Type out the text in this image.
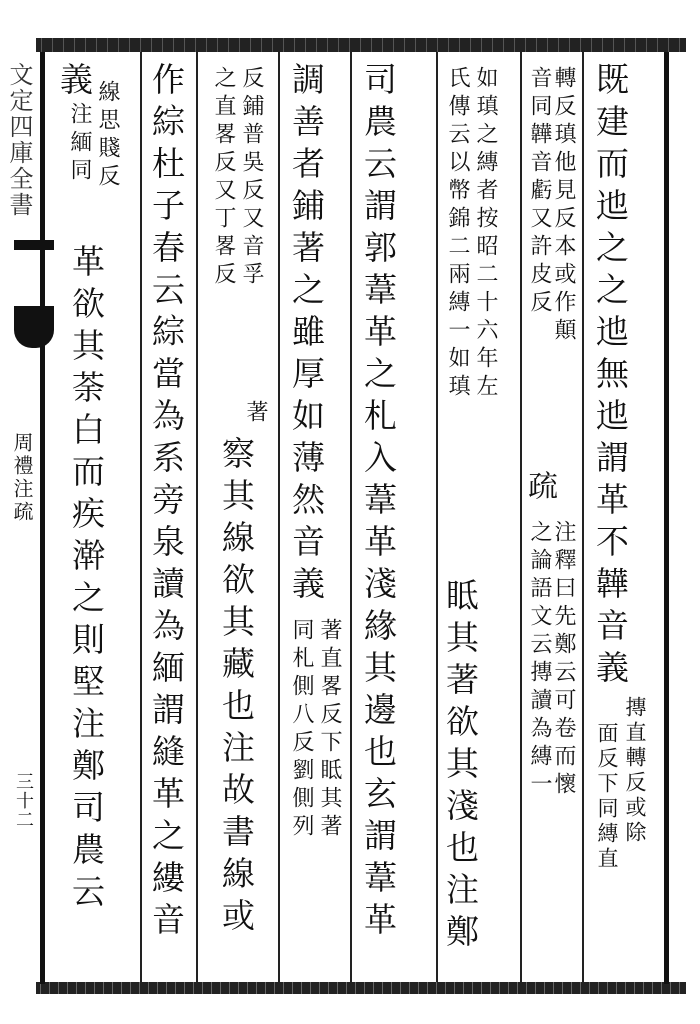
文定四庫全書
周禮注疏
三十二
既建而迆之之迆無迆謂革不韡音義
摶直轉反或除
面反下同縳直
轉反瑱他見反本或作顛
音同韡音虧又許皮反
疏
注釋曰先鄭云可卷而懷
之論語文云摶讀為縳一
如瑱之縳者按昭二十六年左
氏傳云以幣錦二兩縳一如瑱
眡其著欲其淺也注鄭
司農云謂郭葦革之札入葦革淺緣其邊也玄謂葦革
調善者鋪著之雖厚如薄然音義
著直畧反下眡其著
同札側八反劉側列
反鋪普吳反又音孚
之直畧反又丁畧反
著
察其線欲其藏也注故書線或
作綜杜子春云綜當為系旁泉讀為緬謂縫革之縷音
義 線思賤反
注緬同
革欲其荼白而疾澣之則堅注鄭司農云
